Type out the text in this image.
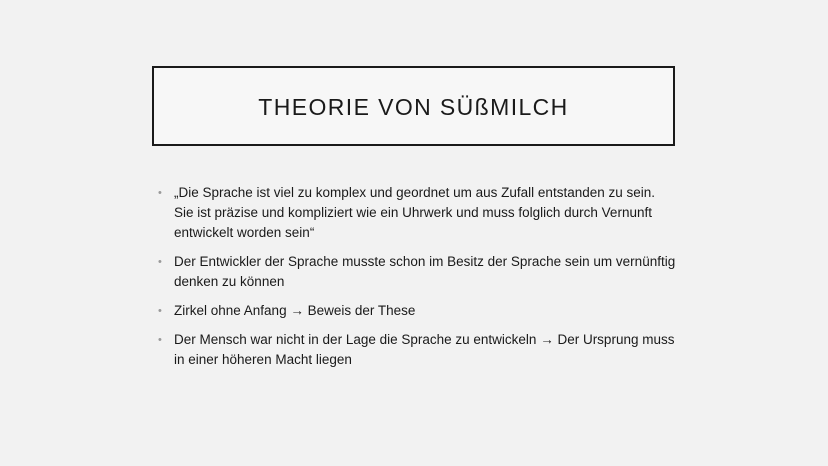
THEORIE VON SÜßMILCH
• „Die Sprache ist viel zu komplex und geordnet um aus Zufall entstanden zu sein. Sie ist präzise und kompliziert wie ein Uhrwerk und muss folglich durch Vernunft entwickelt worden sein“
• Der Entwickler der Sprache musste schon im Besitz der Sprache sein um vernünftig denken zu können
• Zirkel ohne Anfang → Beweis der These
• Der Mensch war nicht in der Lage die Sprache zu entwickeln → Der Ursprung muss in einer höheren Macht liegen
